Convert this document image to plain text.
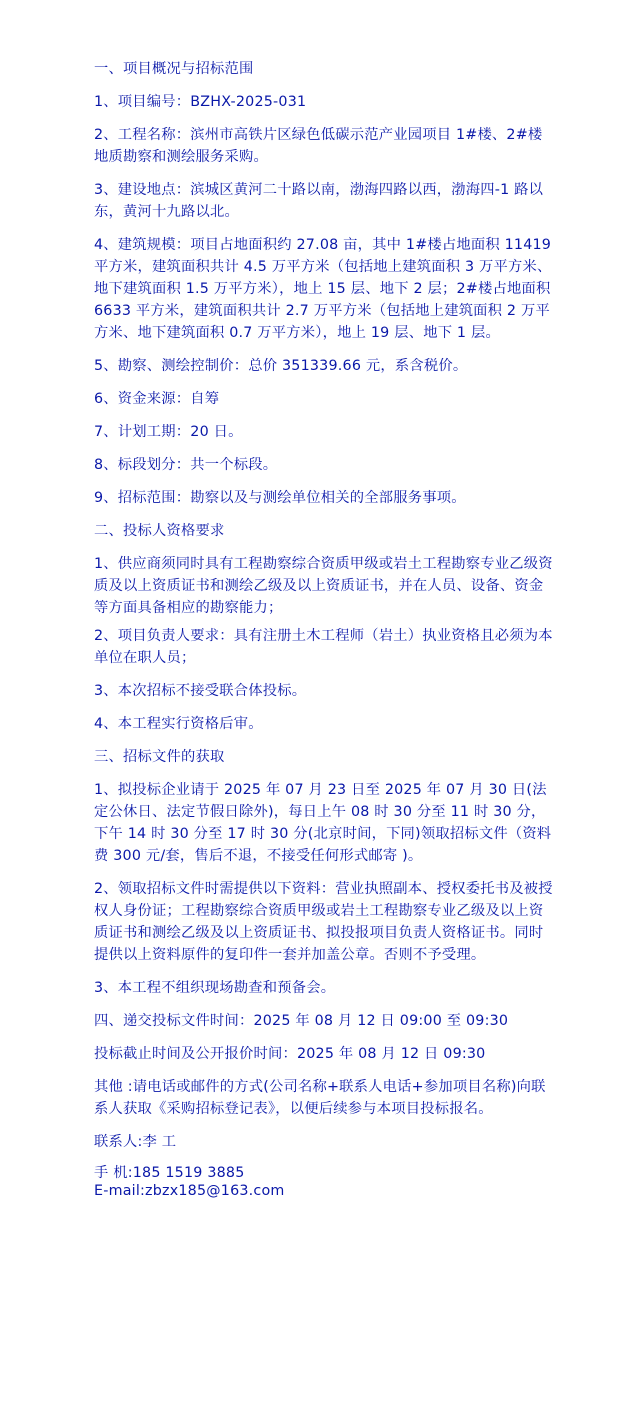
一、项目概况与招标范围

1、项目编号：BZHX-2025-031

2、工程名称：滨州市高铁片区绿色低碳示范产业园项目 1#楼、2#楼地质勘察和测绘服务采购。

3、建设地点：滨城区黄河二十路以南，渤海四路以西，渤海四-1 路以东，黄河十九路以北。

4、建筑规模：项目占地面积约 27.08 亩，其中 1#楼占地面积 11419 平方米，建筑面积共计 4.5 万平方米（包括地上建筑面积 3 万平方米、地下建筑面积 1.5 万平方米），地上 15 层、地下 2 层；2#楼占地面积 6633 平方米，建筑面积共计 2.7 万平方米（包括地上建筑面积 2 万平方米、地下建筑面积 0.7 万平方米），地上 19 层、地下 1 层。

5、勘察、测绘控制价：总价 351339.66 元，系含税价。

6、资金来源：自筹

7、计划工期：20 日。

8、标段划分：共一个标段。

9、招标范围：勘察以及与测绘单位相关的全部服务事项。

二、投标人资格要求

1、供应商须同时具有工程勘察综合资质甲级或岩土工程勘察专业乙级资质及以上资质证书和测绘乙级及以上资质证书，并在人员、设备、资金等方面具备相应的勘察能力；

2、项目负责人要求：具有注册土木工程师（岩土）执业资格且必须为本单位在职人员；

3、本次招标不接受联合体投标。

4、本工程实行资格后审。

三、招标文件的获取

1、拟投标企业请于 2025 年 07 月 23 日至 2025 年 07 月 30 日(法定公休日、法定节假日除外)，每日上午 08 时 30 分至 11 时 30 分，下午 14 时 30 分至 17 时 30 分(北京时间，下同)领取招标文件（资料费 300 元/套，售后不退，不接受任何形式邮寄 )。

2、领取招标文件时需提供以下资料：营业执照副本、授权委托书及被授权人身份证；工程勘察综合资质甲级或岩土工程勘察专业乙级及以上资质证书和测绘乙级及以上资质证书、拟投报项目负责人资格证书。同时提供以上资料原件的复印件一套并加盖公章。否则不予受理。

3、本工程不组织现场勘查和预备会。

四、递交投标文件时间：2025 年 08 月 12 日 09:00 至 09:30

投标截止时间及公开报价时间：2025 年 08 月 12 日 09:30

其他 :请电话或邮件的方式(公司名称+联系人电话+参加项目名称)向联系人获取《采购招标登记表》，以便后续参与本项目投标报名。

联系人:李 工

手 机:185 1519 3885

E-mail:zbzx185@163.com
